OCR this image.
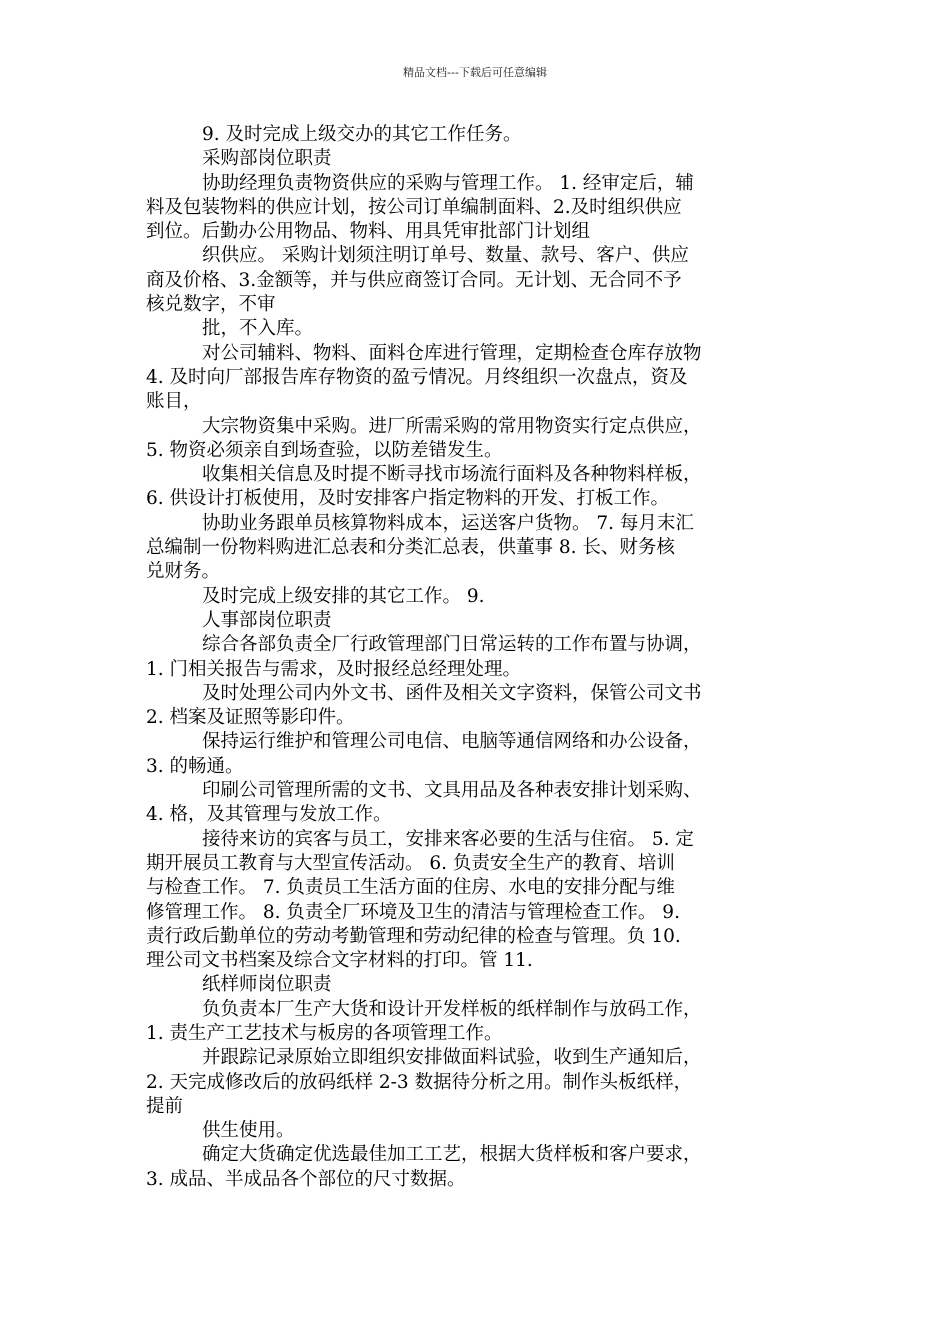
精品文档---下载后可任意编辑
9. 及时完成上级交办的其它工作任务。
采购部岗位职责
协助经理负责物资供应的采购与管理工作。 1. 经审定后，辅
料及包装物料的供应计划，按公司订单编制面料、2.及时组织供应
到位。后勤办公用物品、物料、用具凭审批部门计划组
织供应。 采购计划须注明订单号、数量、款号、客户、供应
商及价格、3.金额等，并与供应商签订合同。无计划、无合同不予
核兑数字，不审
批，不入库。
对公司辅料、物料、面料仓库进行管理，定期检查仓库存放物
4. 及时向厂部报告库存物资的盈亏情况。月终组织一次盘点，资及
账目，
大宗物资集中采购。进厂所需采购的常用物资实行定点供应，
5. 物资必须亲自到场查验，以防差错发生。
收集相关信息及时提不断寻找市场流行面料及各种物料样板，
6. 供设计打板使用，及时安排客户指定物料的开发、打板工作。
协助业务跟单员核算物料成本，运送客户货物。 7. 每月末汇
总编制一份物料购进汇总表和分类汇总表，供董事 8. 长、财务核
兑财务。
及时完成上级安排的其它工作。 9.
人事部岗位职责
综合各部负责全厂行政管理部门日常运转的工作布置与协调，
1. 门相关报告与需求，及时报经总经理处理。
及时处理公司内外文书、函件及相关文字资料，保管公司文书
2. 档案及证照等影印件。
保持运行维护和管理公司电信、电脑等通信网络和办公设备，
3. 的畅通。
印刷公司管理所需的文书、文具用品及各种表安排计划采购、
4. 格，及其管理与发放工作。
接待来访的宾客与员工，安排来客必要的生活与住宿。 5. 定
期开展员工教育与大型宣传活动。 6. 负责安全生产的教育、培训
与检查工作。 7. 负责员工生活方面的住房、水电的安排分配与维
修管理工作。 8. 负责全厂环境及卫生的清洁与管理检查工作。 9.
责行政后勤单位的劳动考勤管理和劳动纪律的检查与管理。负 10.
理公司文书档案及综合文字材料的打印。管 11.
纸样师岗位职责
负负责本厂生产大货和设计开发样板的纸样制作与放码工作，
1. 责生产工艺技术与板房的各项管理工作。
并跟踪记录原始立即组织安排做面料试验，收到生产通知后，
2. 天完成修改后的放码纸样 2-3 数据待分析之用。制作头板纸样，
提前
供生使用。
确定大货确定优选最佳加工工艺，根据大货样板和客户要求，
3. 成品、半成品各个部位的尺寸数据。
